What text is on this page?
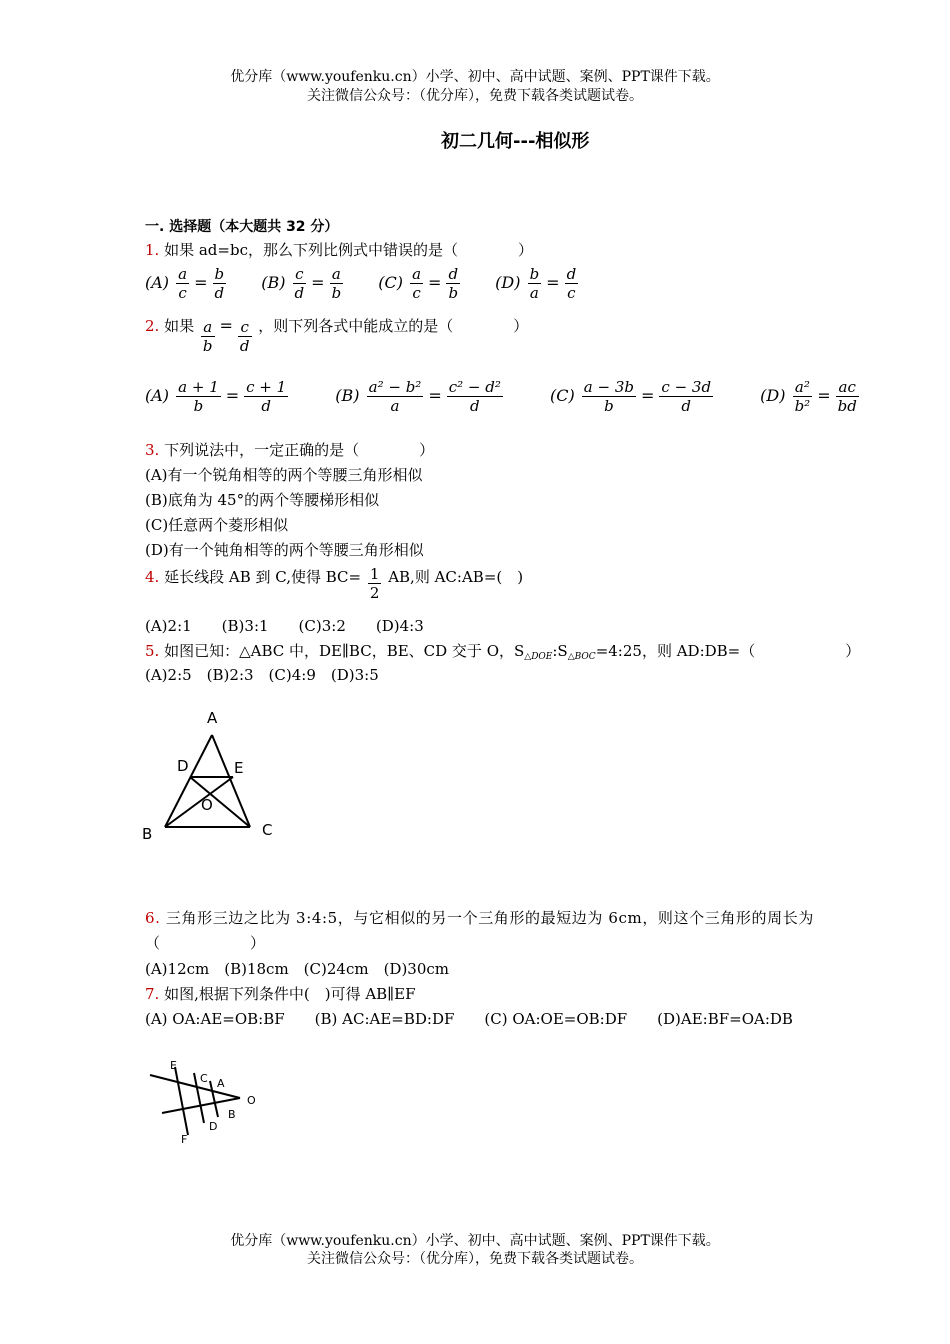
优分库（www.youfenku.cn）小学、初中、高中试题、案例、PPT课件下载。
关注微信公众号：（优分库），免费下载各类试题试卷。
初二几何---相似形
一. 选择题（本大题共 32 分）
1. 如果 ad=bc，那么下列比例式中错误的是（　　　　）
$(A) \frac{a}{c} = \frac{b}{d} (B) \frac{c}{d} = \frac{a}{b} (C) \frac{a}{c} = \frac{d}{b} (D) \frac{b}{a} = \frac{d}{c}$
2. 如果 $\frac{a}{b} = \frac{c}{d}$ ，则下列各式中能成立的是（　　　　）
$(A) \frac{a + 1}{b} = \frac{c + 1}{d}$	$(B) \frac{\text{a² − b²}}{a} = \frac{\text{c² − d²}}{d}$	$(C) \frac{a - 3b}{b} = \frac{c - 3d}{d}$	$(D) \frac{\text{a²}}{\text{b²}} = \frac{ac}{bd}$
3. 下列说法中，一定正确的是（　　　　）
(A)有一个锐角相等的两个等腰三角形相似
(B)底角为 45°的两个等腰梯形相似
(C)任意两个菱形相似
(D)有一个钝角相等的两个等腰三角形相似
4. 延长线段 AB 到 C,使得 $BC= \frac{1}{2}$ AB,则 AC:AB=(　)
(A)2:1　　(B)3:1　　(C)3:2　　(D)4:3
5. 如图已知：△ABC 中，DE∥BC，BE、CD 交于 O，$S_{\triangle DOE}:S_{\triangle BOC}=4:25$，则 AD:DB=（　　　　　　）
(A)2:5　(B)2:3　(C)4:9　(D)3:5
A
D	E
O
B	C
6. 三角形三边之比为 3:4:5，与它相似的另一个三角形的最短边为 6cm，则这个三角形的周长为
（　　　　　　）
(A)12cm　(B)18cm　(C)24cm　(D)30cm
7. 如图,根据下列条件中(　)可得 AB∥EF
(A) OA:AE=OB:BF　　(B) AC:AE=BD:DF　　(C) OA:OE=OB:DF　　(D)AE:BF=OA:DB
E
C A
O
B
D
F
优分库（www.youfenku.cn）小学、初中、高中试题、案例、PPT课件下载。
关注微信公众号：（优分库），免费下载各类试题试卷。
